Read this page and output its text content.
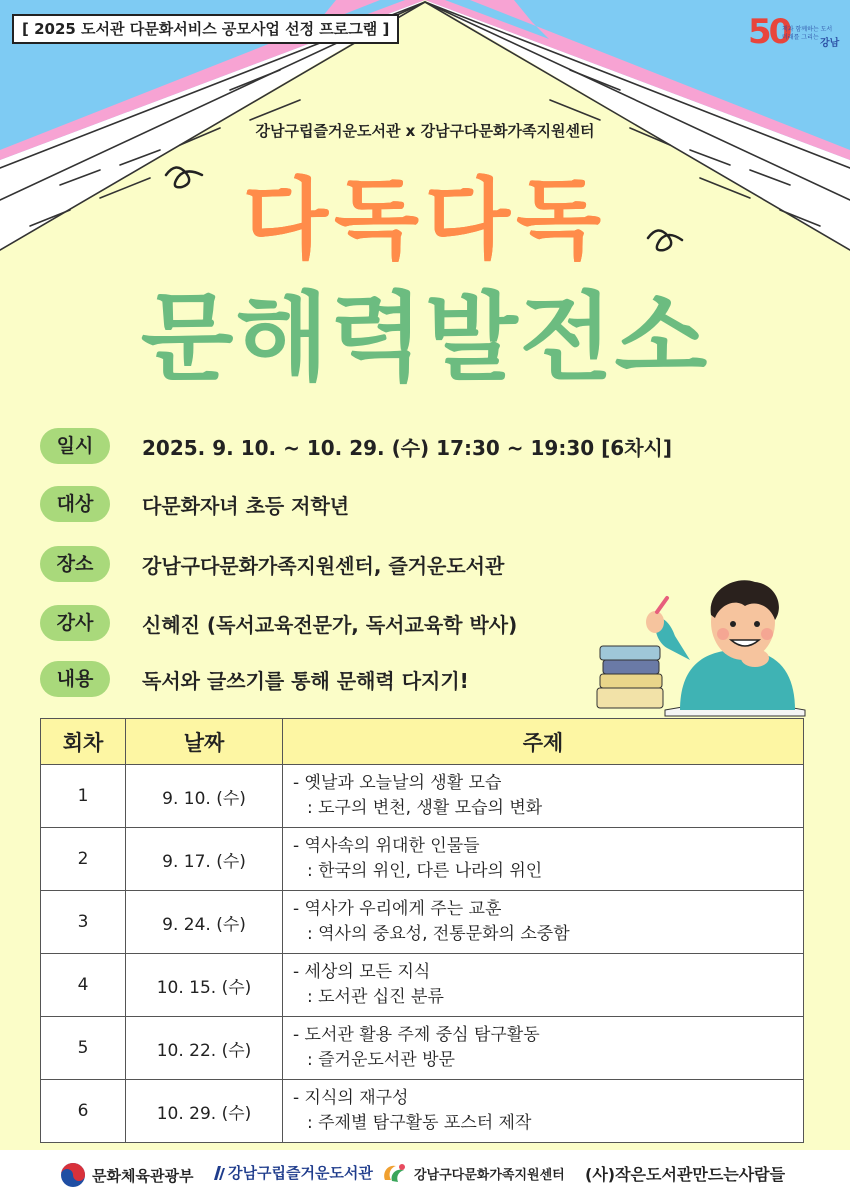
[ 2025 도서관 다문화서비스 공모사업 선정 프로그램 ]	50
책과 함께하는 도서
미래를 그리는
강남
강남구립즐거운도서관 x 강남구다문화가족지원센터
다독다독
문해력발전소
일시	2025. 9. 10. ~ 10. 29. (수) 17:30 ~ 19:30 [6차시]
대상	다문화자녀 초등 저학년
장소	강남구다문화가족지원센터, 즐거운도서관
강사	신혜진 (독서교육전문가, 독서교육학 박사)
내용	독서와 글쓰기를 통해 문해력 다지기!
회차	날짜	주제
1	9. 10. (수)	- 옛날과 오늘날의 생활 모습
: 도구의 변천, 생활 모습의 변화

2	9. 17. (수)	- 역사속의 위대한 인물들
: 한국의 위인, 다른 나라의 위인

3	9. 24. (수)	- 역사가 우리에게 주는 교훈
: 역사의 중요성, 전통문화의 소중함

4	10. 15. (수)	- 세상의 모든 지식
: 도서관 십진 분류

5	10. 22. (수)	- 도서관 활용 주제 중심 탐구활동
: 즐거운도서관 방문

6	10. 29. (수)	- 지식의 재구성
: 주제별 탐구활동 포스터 제작
문화체육관광부 강남구립즐거운도서관	강남구다문화가족지원센터 (사)작은도서관만드는사람들
